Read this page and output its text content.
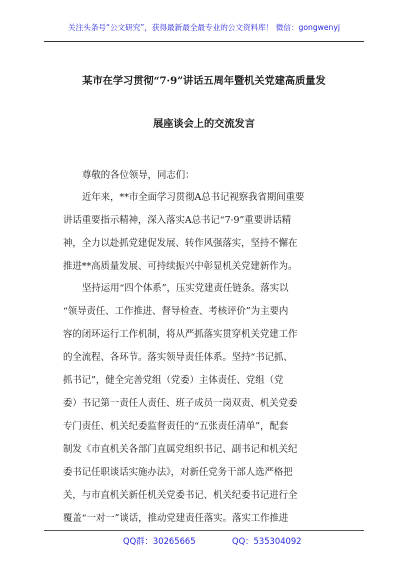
关注头条号“公文研究”，获得最新最全最专业的公文资料库！ 微信：gongwenyj
某市在学习贯彻“7·9”讲话五周年暨机关党建高质量发
展座谈会上的交流发言
尊敬的各位领导，同志们：
近年来，**市全面学习贯彻A总书记视察我省期间重要
讲话重要指示精神，深入落实A总书记“7·9”重要讲话精
神，全力以赴抓党建促发展、转作风强落实，坚持不懈在
推进**高质量发展、可持续振兴中彰显机关党建新作为。
坚持运用“四个体系”，压实党建责任链条。落实以
“领导责任、工作推进、督导检查、考核评价”为主要内
容的闭环运行工作机制，将从严抓落实贯穿机关党建工作
的全流程、各环节。落实领导责任体系。坚持“书记抓、
抓书记”，健全完善党组（党委）主体责任、党组（党
委）书记第一责任人责任、班子成员一岗双责、机关党委
专门责任、机关纪委监督责任的“五张责任清单”，配套
制发《市直机关各部门直属党组织书记、副书记和机关纪
委书记任职谈话实施办法》，对新任党务干部人选严格把
关，与市直机关新任机关党委书记、机关纪委书记进行全
覆盖“一对一”谈话，推动党建责任落实。落实工作推进
QQ群：30265665	QQ：535304092
